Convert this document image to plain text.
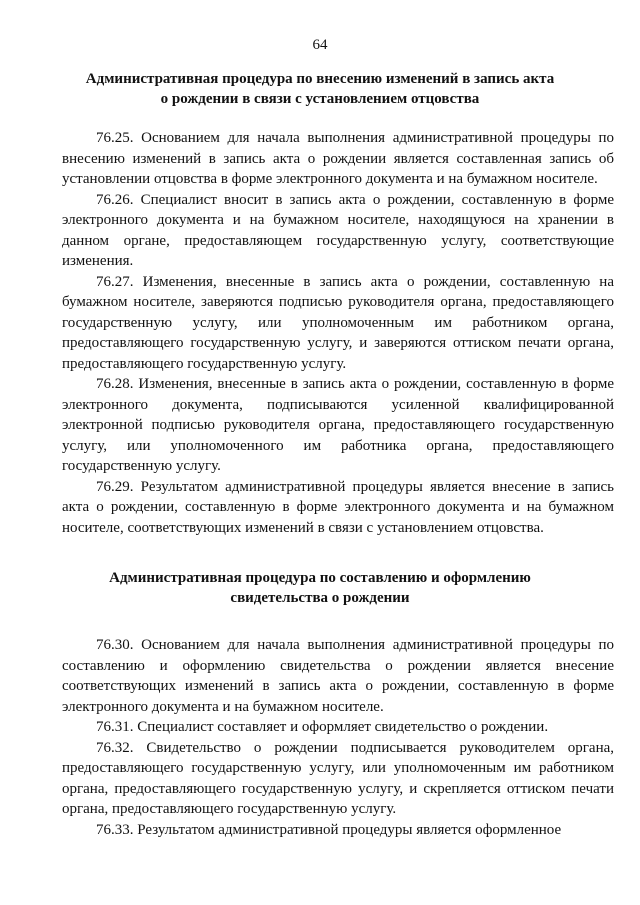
64
Административная процедура по внесению изменений в запись акта
о рождении в связи с установлением отцовства

76.25. Основанием для начала выполнения административной процедуры по внесению изменений в запись акта о рождении является составленная запись об установлении отцовства в форме электронного документа и на бумажном носителе.

76.26. Специалист вносит в запись акта о рождении, составленную в форме электронного документа и на бумажном носителе, находящуюся на хранении в данном органе, предоставляющем государственную услугу, соответствующие изменения.

76.27. Изменения, внесенные в запись акта о рождении, составленную на бумажном носителе, заверяются подписью руководителя органа, предоставляющего государственную услугу, или уполномоченным им работником органа, предоставляющего государственную услугу, и заверяются оттиском печати органа, предоставляющего государственную услугу.

76.28. Изменения, внесенные в запись акта о рождении, составленную в форме электронного документа, подписываются усиленной квалифицированной электронной подписью руководителя органа, предоставляющего государственную услугу, или уполномоченного им работника органа, предоставляющего государственную услугу.

76.29. Результатом административной процедуры является внесение в запись акта о рождении, составленную в форме электронного документа и на бумажном носителе, соответствующих изменений в связи с установлением отцовства.

Административная процедура по составлению и оформлению
свидетельства о рождении

76.30. Основанием для начала выполнения административной процедуры по составлению и оформлению свидетельства о рождении является внесение соответствующих изменений в запись акта о рождении, составленную в форме электронного документа и на бумажном носителе.

76.31. Специалист составляет и оформляет свидетельство о рождении.

76.32. Свидетельство о рождении подписывается руководителем органа, предоставляющего государственную услугу, или уполномоченным им работником органа, предоставляющего государственную услугу, и скрепляется оттиском печати органа, предоставляющего государственную услугу.

76.33. Результатом административной процедуры является оформленное
